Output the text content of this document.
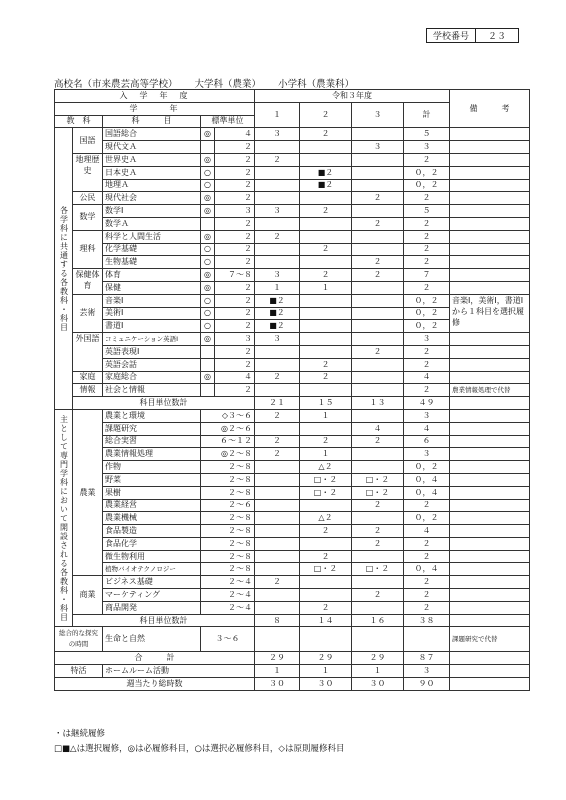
学校番号	２３
高校名（市来農芸高等学校） 大学科（農業） 小学科（農業科）
入　学　年　度					令和３年度				備　　　考
学　　　年					１	２	３	計	
教　科		科　　　目	標準単位						
各学科に共通する各教科・科目	国語	国語総合	◎	４	３	２		５	
		現代文Ａ		２			３	３	
	地理歴史	世界史Ａ	◎	２	２			２	
		日本史Ａ	○	２		■２		０，２	
		地理Ａ	○	２		■２		０，２	
	公民	現代社会	◎	２			２	２	
	数学	数学Ⅰ	◎	３	３	２		５	
		数学Ａ		２			２	２	
	理科	科学と人間生活	◎	２	２			２	
		化学基礎	○	２		２		２	
		生物基礎	○	２			２	２	
	保健体育	体育	◎	７～８	３	２	２	７	
		保健	◎	２	１	１		２	
	芸術	音楽Ⅰ	○	２	■２			０，２	音楽Ⅰ，美術Ⅰ，書道Ⅰから１科目を選択履修
		美術Ⅰ	○	２	■２			０，２	
		書道Ⅰ	○	２	■２			０，２	
	外国語	コミュニケーション英語Ⅰ	◎	３	３			３	
		英語表現Ⅰ		２			２	２	
		英語会話		２		２		２	
	家庭	家庭総合	◎	４	２	２		４	
	情報	社会と情報		２				２	農業情報処理で代替
	科目単位数計				２１	１５	１３	４９	
主として専門学科において開設される各教科・科目	農業	農業と環境	◇３～６		２	１		３	
		課題研究	◎２～６				４	４	
		総合実習	６～１２		２	２	２	６	
		農業情報処理	◎２～８		２	１		３	
		作物	２～８			△２		０，２	
		野菜	２～８			□・２	□・２	０，４	
		果樹	２～８			□・２	□・２	０，４	
		農業経営	２～６				２	２	
		農業機械	２～８			△２		０，２	
		食品製造	２～８			２	２	４	
		食品化学	２～８				２	２	
		微生物利用	２～８			２		２	
		植物バイオテクノロジー	２～８			□・２	□・２	０，４	
	商業	ビジネス基礎	２～４		２			２	
		マーケティング	２～４				２	２	
		商品開発	２～４			２		２	
	科目単位数計				８	１４	１６	３８	
総合的な探究の時間		生命と自然	３～６						課題研究で代替
合　　　計					２９	２９	２９	８７	
特活		ホームルーム活動			１	１	１	３	
週当たり総時数					３０	３０	３０	９０	
・は継続履修
□■△は選択履修，◎は必履修科目，○は選択必履修科目，◇は原則履修科目
